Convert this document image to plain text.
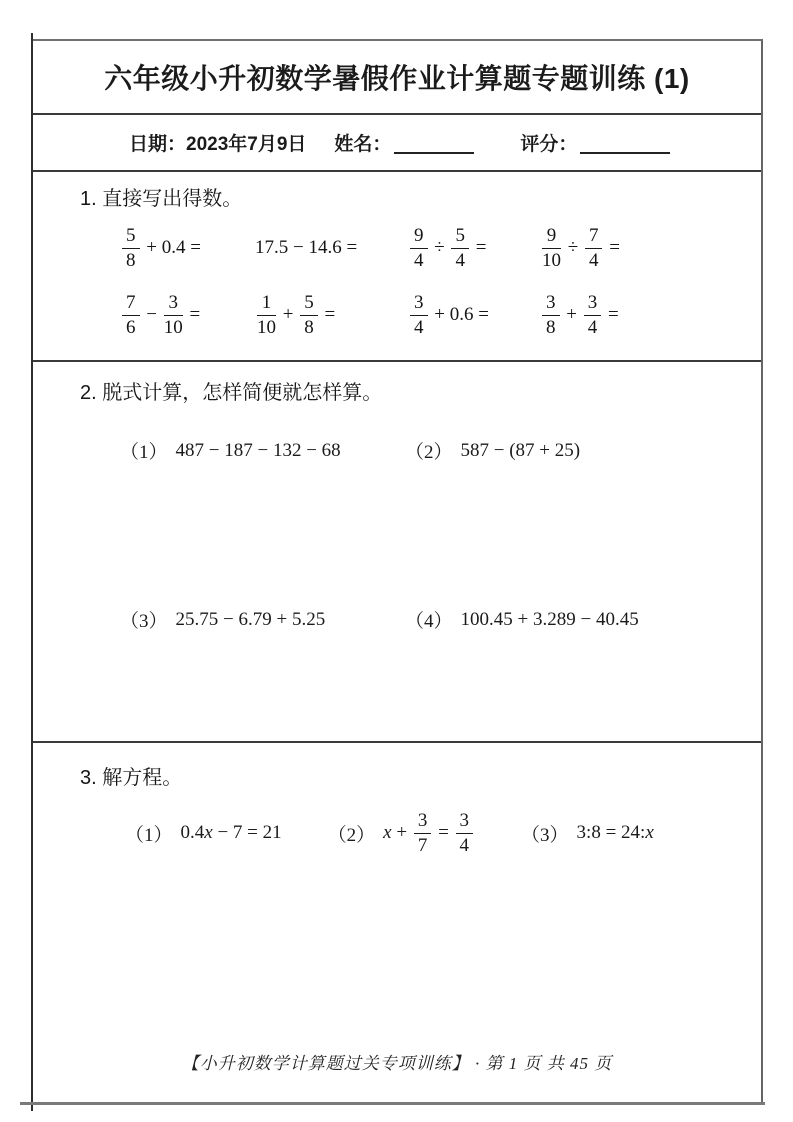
六年级小升初数学暑假作业计算题专题训练 (1)
日期：2023年7月9日 姓名：	评分：
1. 直接写出得数。
$\frac{5}{8} + 0.4$ =	17.5 − 14.6 =	$\frac{9}{4} \div \frac{5}{4}$ =	$\frac{9}{10} \div \frac{7}{4}$ =
$\frac{7}{6} - \frac{3}{10}$ =	$\frac{1}{10} + \frac{5}{8}$ =	$\frac{3}{4} + 0.6$ =	$\frac{3}{8} + \frac{3}{4}$ =
2. 脱式计算，怎样简便就怎样算。
（1） 487 − 187 − 132 − 68	（2） 587 − (87 + 25)
（3） 25.75 − 6.79 + 5.25	（4） 100.45 + 3.289 − 40.45
3. 解方程。
（1） 0.4 x − 7 = 21 （2） $x + \frac{3}{7} = \frac{3}{4}$	（3） 3:8 = 24: x
【小升初数学计算题过关专项训练】 · 第 1 页 共 45 页
